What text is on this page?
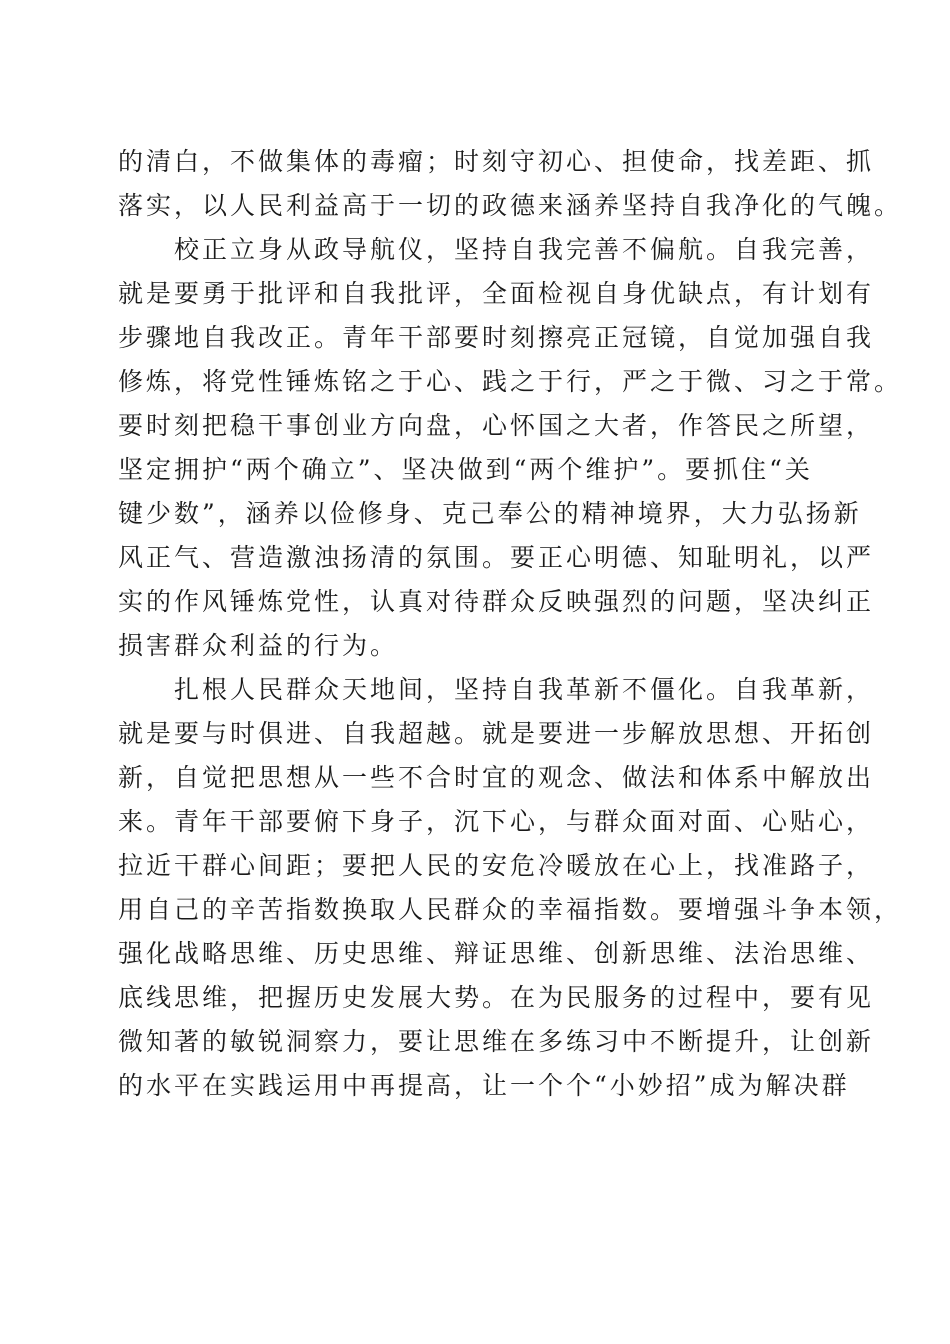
的清白，不做集体的毒瘤；时刻守初心、担使命，找差距、抓
落实，以人民利益高于一切的政德来涵养坚持自我净化的气魄。
校正立身从政导航仪，坚持自我完善不偏航。自我完善，
就是要勇于批评和自我批评，全面检视自身优缺点，有计划有
步骤地自我改正。青年干部要时刻擦亮正冠镜，自觉加强自我
修炼，将党性锤炼铭之于心、践之于行，严之于微、习之于常。
要时刻把稳干事创业方向盘，心怀国之大者，作答民之所望，
坚定拥护“两个确立”、坚决做到“两个维护”。要抓住“关
键少数”，涵养以俭修身、克己奉公的精神境界，大力弘扬新
风正气、营造激浊扬清的氛围。要正心明德、知耻明礼，以严
实的作风锤炼党性，认真对待群众反映强烈的问题，坚决纠正
损害群众利益的行为。
扎根人民群众天地间，坚持自我革新不僵化。自我革新，
就是要与时俱进、自我超越。就是要进一步解放思想、开拓创
新，自觉把思想从一些不合时宜的观念、做法和体系中解放出
来。青年干部要俯下身子，沉下心，与群众面对面、心贴心，
拉近干群心间距；要把人民的安危冷暖放在心上，找准路子，
用自己的辛苦指数换取人民群众的幸福指数。要增强斗争本领，
强化战略思维、历史思维、辩证思维、创新思维、法治思维、
底线思维，把握历史发展大势。在为民服务的过程中，要有见
微知著的敏锐洞察力，要让思维在多练习中不断提升，让创新
的水平在实践运用中再提高，让一个个“小妙招”成为解决群
